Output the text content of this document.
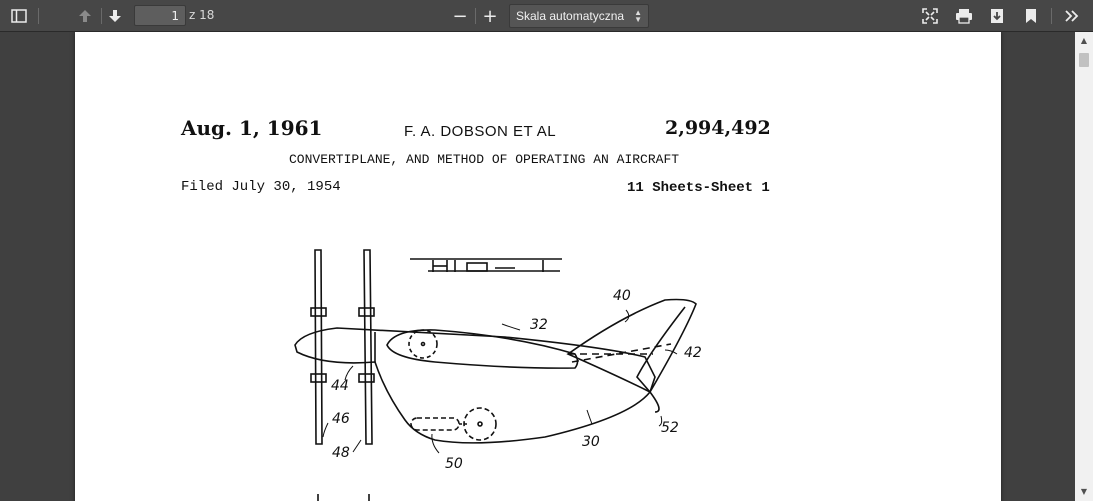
1
z 18	− +	Skala automatyczna ▲
▼
Aug. 1, 1961	F. A. DOBSON ET AL	2,994,492
CONVERTIPLANE, AND METHOD OF OPERATING AN AIRCRAFT
Filed July 30, 1954	11 Sheets-Sheet 1
40
32
42
44
46
48
52
30
50
▲
▼
